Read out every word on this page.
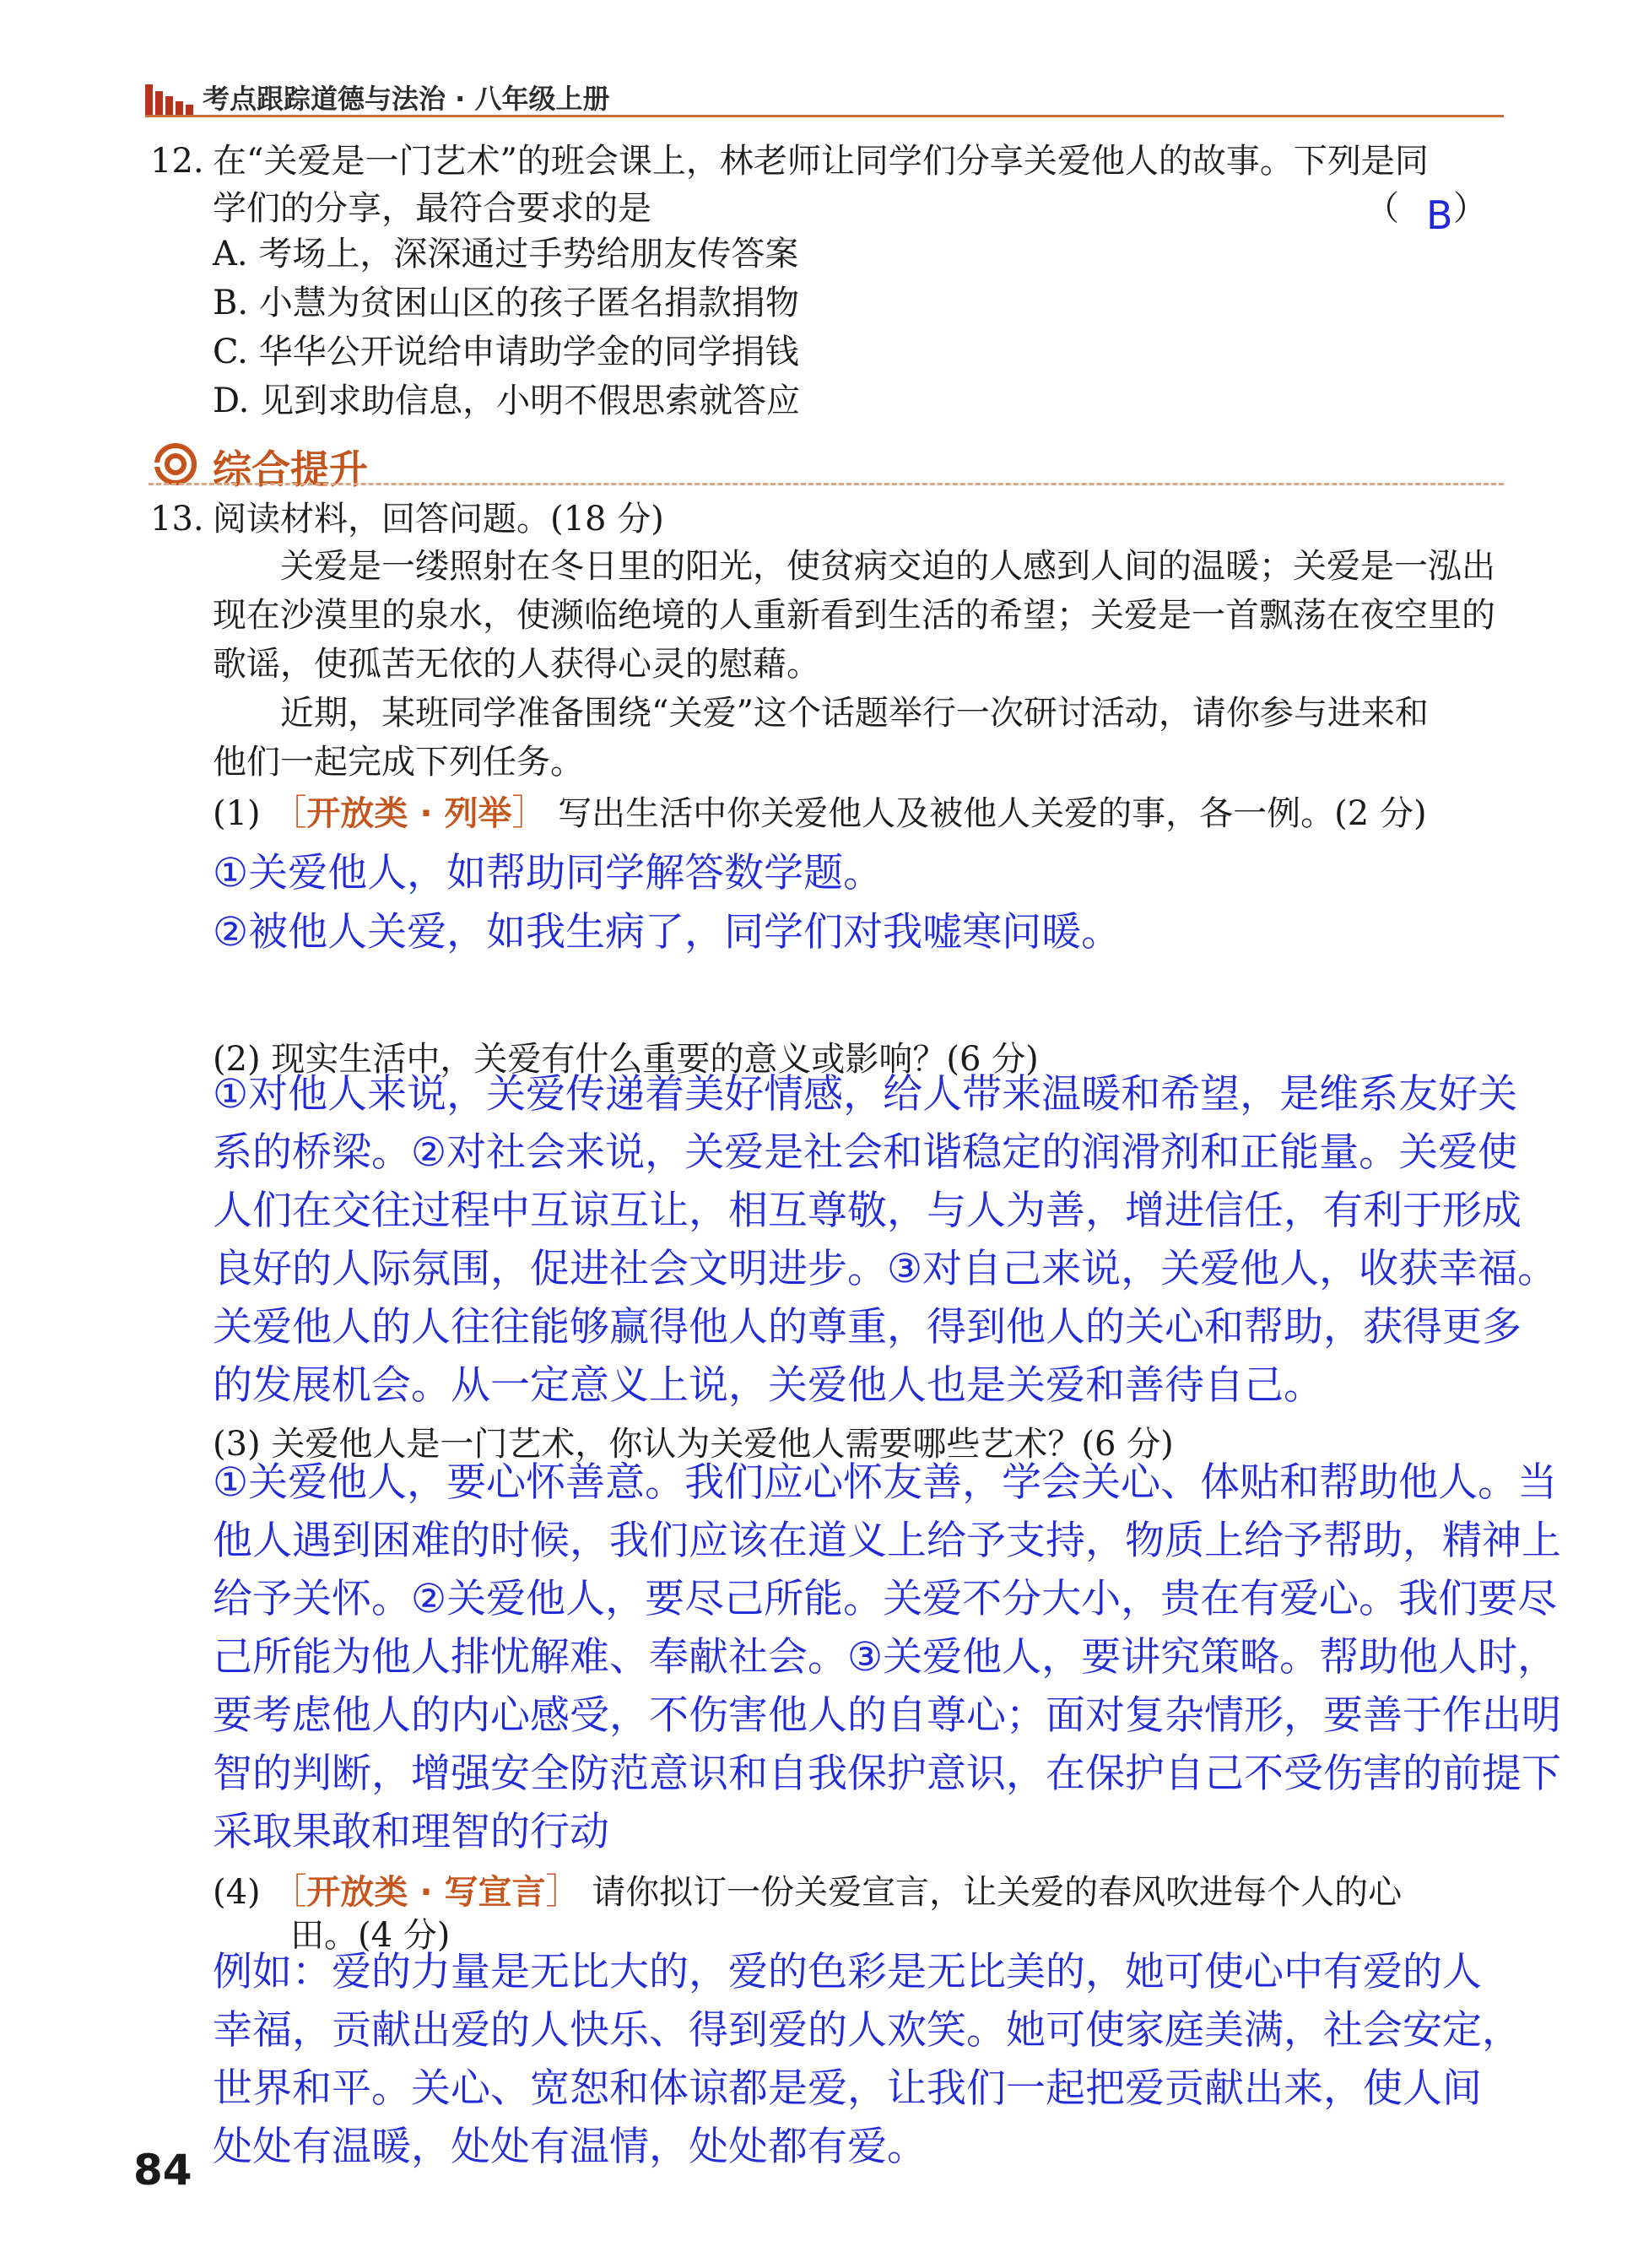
考点跟踪道德与法治 · 八年级上册
12. 在“关爱是一门艺术”的班会课上，林老师让同学们分享关爱他人的故事。下列是同
学们的分享，最符合要求的是	（ B ）
A. 考场上，深深通过手势给朋友传答案
B. 小慧为贫困山区的孩子匿名捐款捐物
C. 华华公开说给申请助学金的同学捐钱
D. 见到求助信息，小明不假思索就答应
综合提升
13. 阅读材料，回答问题。(18 分)
关爱是一缕照射在冬日里的阳光，使贫病交迫的人感到人间的温暖；关爱是一泓出
现在沙漠里的泉水，使濒临绝境的人重新看到生活的希望；关爱是一首飘荡在夜空里的
歌谣，使孤苦无依的人获得心灵的慰藉。
近期，某班同学准备围绕“关爱”这个话题举行一次研讨活动，请你参与进来和
他们一起完成下列任务。
(1) ［开放类 · 列举］ 写出生活中你关爱他人及被他人关爱的事，各一例。(2 分)
①关爱他人，如帮助同学解答数学题。
②被他人关爱，如我生病了，同学们对我嘘寒问暖。
(2) 现实生活中，关爱有什么重要的意义或影响？(6 分)
①对他人来说，关爱传递着美好情感，给人带来温暖和希望，是维系友好关
系的桥梁。②对社会来说，关爱是社会和谐稳定的润滑剂和正能量。关爱使
人们在交往过程中互谅互让，相互尊敬，与人为善，增进信任，有利于形成
良好的人际氛围，促进社会文明进步。③对自己来说，关爱他人，收获幸福。
关爱他人的人往往能够赢得他人的尊重，得到他人的关心和帮助，获得更多
的发展机会。从一定意义上说，关爱他人也是关爱和善待自己。
(3) 关爱他人是一门艺术，你认为关爱他人需要哪些艺术？(6 分)
①关爱他人，要心怀善意。我们应心怀友善，学会关心、体贴和帮助他人。当
他人遇到困难的时候，我们应该在道义上给予支持，物质上给予帮助，精神上
给予关怀。②关爱他人，要尽己所能。关爱不分大小，贵在有爱心。我们要尽
己所能为他人排忧解难、奉献社会。③关爱他人，要讲究策略。帮助他人时，
要考虑他人的内心感受，不伤害他人的自尊心；面对复杂情形，要善于作出明
智的判断，增强安全防范意识和自我保护意识，在保护自己不受伤害的前提下
采取果敢和理智的行动
(4) ［开放类 · 写宣言］ 请你拟订一份关爱宣言，让关爱的春风吹进每个人的心
田。(4 分)
例如：爱的力量是无比大的，爱的色彩是无比美的，她可使心中有爱的人
幸福，贡献出爱的人快乐、得到爱的人欢笑。她可使家庭美满，社会安定，
世界和平。关心、宽恕和体谅都是爱，让我们一起把爱贡献出来，使人间
处处有温暖，处处有温情，处处都有爱。
84
